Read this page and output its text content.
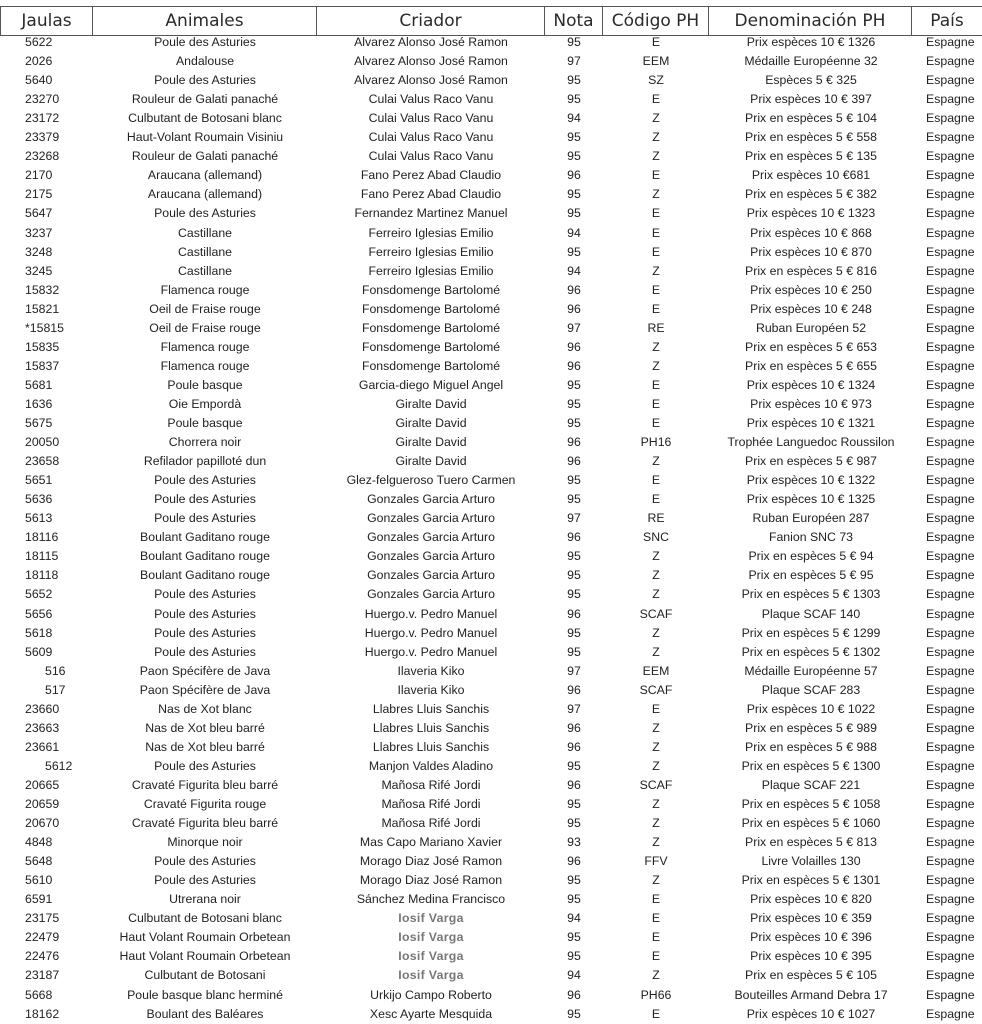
Jaulas	Animales	Criador	Nota	Código PH	Denominación PH	País
5622	Poule des Asturies	Alvarez Alonso José Ramon	95	E	Prix espèces 10 € 1326	Espagne
2026	Andalouse	Alvarez Alonso José Ramon	97	EEM	Médaille Européenne 32	Espagne
5640	Poule des Asturies	Alvarez Alonso José Ramon	95	SZ	Espèces 5 € 325	Espagne
23270	Rouleur de Galati panaché	Culai Valus Raco Vanu	95	E	Prix espèces 10 € 397	Espagne
23172	Culbutant de Botosani blanc	Culai Valus Raco Vanu	94	Z	Prix en espèces 5 € 104	Espagne
23379	Haut-Volant Roumain Visiniu	Culai Valus Raco Vanu	95	Z	Prix en espèces 5 € 558	Espagne
23268	Rouleur de Galati panaché	Culai Valus Raco Vanu	95	Z	Prix en espèces 5 € 135	Espagne
2170	Araucana (allemand)	Fano Perez Abad Claudio	96	E	Prix espèces 10 €681	Espagne
2175	Araucana (allemand)	Fano Perez Abad Claudio	95	Z	Prix en espèces 5 € 382	Espagne
5647	Poule des Asturies	Fernandez Martinez Manuel	95	E	Prix espèces 10 € 1323	Espagne
3237	Castillane	Ferreiro Iglesias Emilio	94	E	Prix espèces 10 € 868	Espagne
3248	Castillane	Ferreiro Iglesias Emilio	95	E	Prix espèces 10 € 870	Espagne
3245	Castillane	Ferreiro Iglesias Emilio	94	Z	Prix en espèces 5 € 816	Espagne
15832	Flamenca rouge	Fonsdomenge Bartolomé	96	E	Prix espèces 10 € 250	Espagne
15821	Oeil de Fraise rouge	Fonsdomenge Bartolomé	96	E	Prix espèces 10 € 248	Espagne
*15815	Oeil de Fraise rouge	Fonsdomenge Bartolomé	97	RE	Ruban Européen 52	Espagne
15835	Flamenca rouge	Fonsdomenge Bartolomé	96	Z	Prix en espèces 5 € 653	Espagne
15837	Flamenca rouge	Fonsdomenge Bartolomé	96	Z	Prix en espèces 5 € 655	Espagne
5681	Poule basque	Garcia-diego Miguel Angel	95	E	Prix espèces 10 € 1324	Espagne
1636	Oie Empordà	Giralte David	95	E	Prix espèces 10 € 973	Espagne
5675	Poule basque	Giralte David	95	E	Prix espèces 10 € 1321	Espagne
20050	Chorrera noir	Giralte David	96	PH16	Trophée Languedoc Roussilon	Espagne
23658	Refilador papilloté dun	Giralte David	96	Z	Prix en espèces 5 € 987	Espagne
5651	Poule des Asturies	Glez-felgueroso Tuero Carmen	95	E	Prix espèces 10 € 1322	Espagne
5636	Poule des Asturies	Gonzales Garcia Arturo	95	E	Prix espèces 10 € 1325	Espagne
5613	Poule des Asturies	Gonzales Garcia Arturo	97	RE	Ruban Européen 287	Espagne
18116	Boulant Gaditano rouge	Gonzales Garcia Arturo	96	SNC	Fanion SNC 73	Espagne
18115	Boulant Gaditano rouge	Gonzales Garcia Arturo	95	Z	Prix en espèces 5 € 94	Espagne
18118	Boulant Gaditano rouge	Gonzales Garcia Arturo	95	Z	Prix en espèces 5 € 95	Espagne
5652	Poule des Asturies	Gonzales Garcia Arturo	95	Z	Prix en espèces 5 € 1303	Espagne
5656	Poule des Asturies	Huergo.v. Pedro Manuel	96	SCAF	Plaque SCAF 140	Espagne
5618	Poule des Asturies	Huergo.v. Pedro Manuel	95	Z	Prix en espèces 5 € 1299	Espagne
5609	Poule des Asturies	Huergo.v. Pedro Manuel	95	Z	Prix en espèces 5 € 1302	Espagne
516	Paon Spécifère de Java	Ilaveria Kiko	97	EEM	Médaille Européenne 57	Espagne
517	Paon Spécifère de Java	Ilaveria Kiko	96	SCAF	Plaque SCAF 283	Espagne
23660	Nas de Xot blanc	Llabres Lluis Sanchis	97	E	Prix espèces 10 € 1022	Espagne
23663	Nas de Xot bleu barré	Llabres Lluis Sanchis	96	Z	Prix en espèces 5 € 989	Espagne
23661	Nas de Xot bleu barré	Llabres Lluis Sanchis	96	Z	Prix en espèces 5 € 988	Espagne
5612	Poule des Asturies	Manjon Valdes Aladino	95	Z	Prix en espèces 5 € 1300	Espagne
20665	Cravaté Figurita bleu barré	Mañosa Rifé Jordi	96	SCAF	Plaque SCAF 221	Espagne
20659	Cravaté Figurita rouge	Mañosa Rifé Jordi	95	Z	Prix en espèces 5 € 1058	Espagne
20670	Cravaté Figurita bleu barré	Mañosa Rifé Jordi	95	Z	Prix en espèces 5 € 1060	Espagne
4848	Minorque noir	Mas Capo Mariano Xavier	93	Z	Prix en espèces 5 € 813	Espagne
5648	Poule des Asturies	Morago Diaz José Ramon	96	FFV	Livre Volailles 130	Espagne
5610	Poule des Asturies	Morago Diaz José Ramon	95	Z	Prix en espèces 5 € 1301	Espagne
6591	Utrerana noir	Sánchez Medina Francisco	95	E	Prix espèces 10 € 820	Espagne
23175	Culbutant de Botosani blanc	Iosif Varga	94	E	Prix espèces 10 € 359	Espagne
22479	Haut Volant Roumain Orbetean	Iosif Varga	95	E	Prix espèces 10 € 396	Espagne
22476	Haut Volant Roumain Orbetean	Iosif Varga	95	E	Prix espèces 10 € 395	Espagne
23187	Culbutant de Botosani	Iosif Varga	94	Z	Prix en espèces 5 € 105	Espagne
5668	Poule basque blanc herminé	Urkijo Campo Roberto	96	PH66	Bouteilles Armand Debra 17	Espagne
18162	Boulant des Baléares	Xesc Ayarte Mesquida	95	E	Prix espèces 10 € 1027	Espagne
